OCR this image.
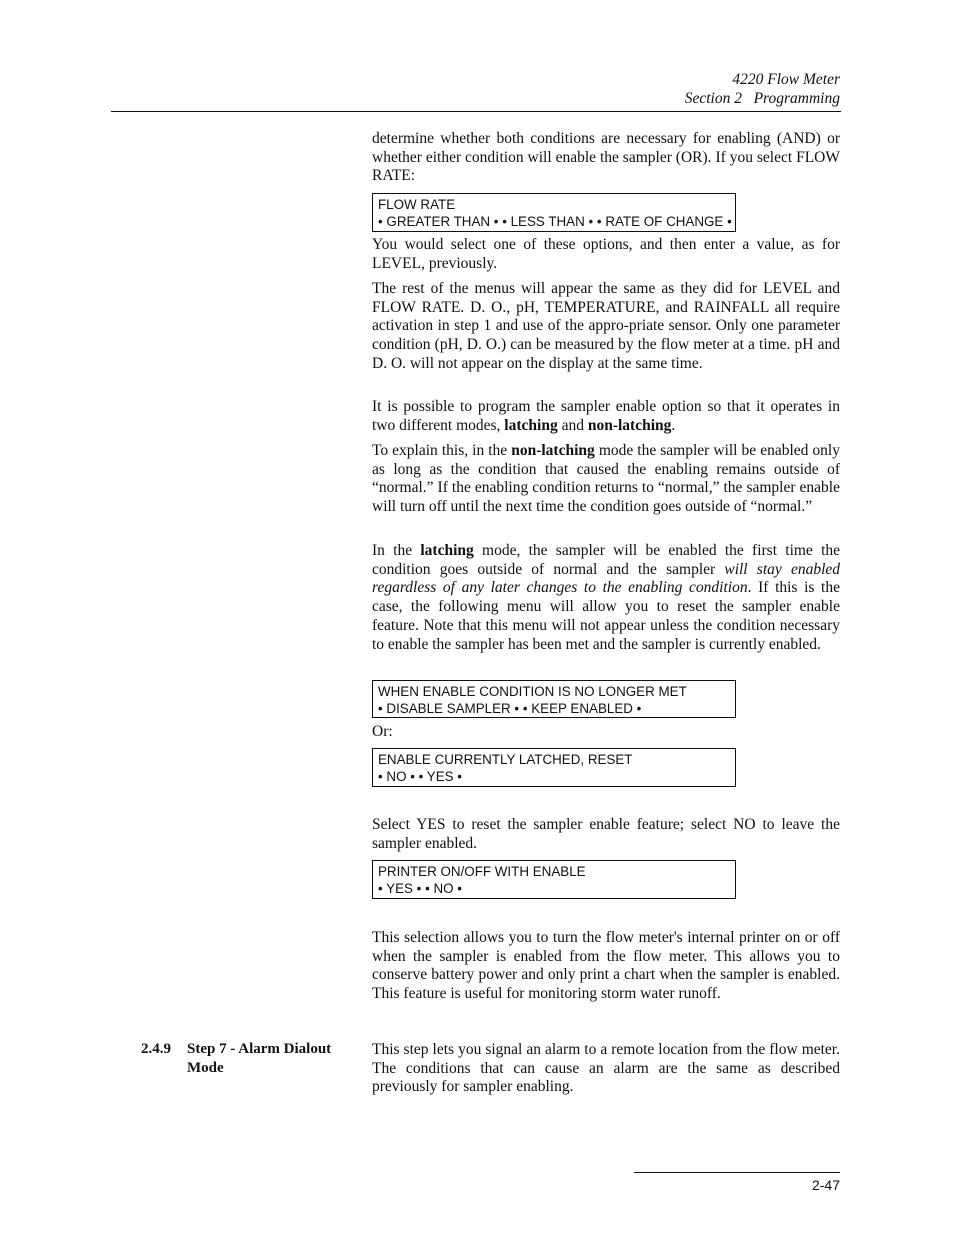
4220 Flow Meter
Section 2   Programming

determine whether both conditions are necessary for enabling (AND) or whether either condition will enable the sampler (OR). If you select FLOW RATE:

FLOW RATE
• GREATER THAN • • LESS THAN • • RATE OF CHANGE •

You would select one of these options, and then enter a value, as for LEVEL, previously.

The rest of the menus will appear the same as they did for LEVEL and FLOW RATE. D. O., pH, TEMPERATURE, and RAINFALL all require activation in step 1 and use of the appro-priate sensor. Only one parameter condition (pH, D. O.) can be measured by the flow meter at a time. pH and D. O. will not appear on the display at the same time.

It is possible to program the sampler enable option so that it operates in two different modes, latching and non-latching.

To explain this, in the non-latching mode the sampler will be enabled only as long as the condition that caused the enabling remains outside of “normal.” If the enabling condition returns to “normal,” the sampler enable will turn off until the next time the condition goes outside of “normal.”

In the latching mode, the sampler will be enabled the first time the condition goes outside of normal and the sampler will stay enabled regardless of any later changes to the enabling condition. If this is the case, the following menu will allow you to reset the sampler enable feature. Note that this menu will not appear unless the condition necessary to enable the sampler has been met and the sampler is currently enabled.

WHEN ENABLE CONDITION IS NO LONGER MET
• DISABLE SAMPLER • • KEEP ENABLED •

Or:

ENABLE CURRENTLY LATCHED, RESET
• NO • • YES •

Select YES to reset the sampler enable feature; select NO to leave the sampler enabled.

PRINTER ON/OFF WITH ENABLE
• YES • • NO •

This selection allows you to turn the flow meter's internal printer on or off when the sampler is enabled from the flow meter. This allows you to conserve battery power and only print a chart when the sampler is enabled. This feature is useful for monitoring storm water runoff.

2.4.9 Step 7 - Alarm Dialout Mode

This step lets you signal an alarm to a remote location from the flow meter. The conditions that can cause an alarm are the same as described previously for sampler enabling.

2-47
